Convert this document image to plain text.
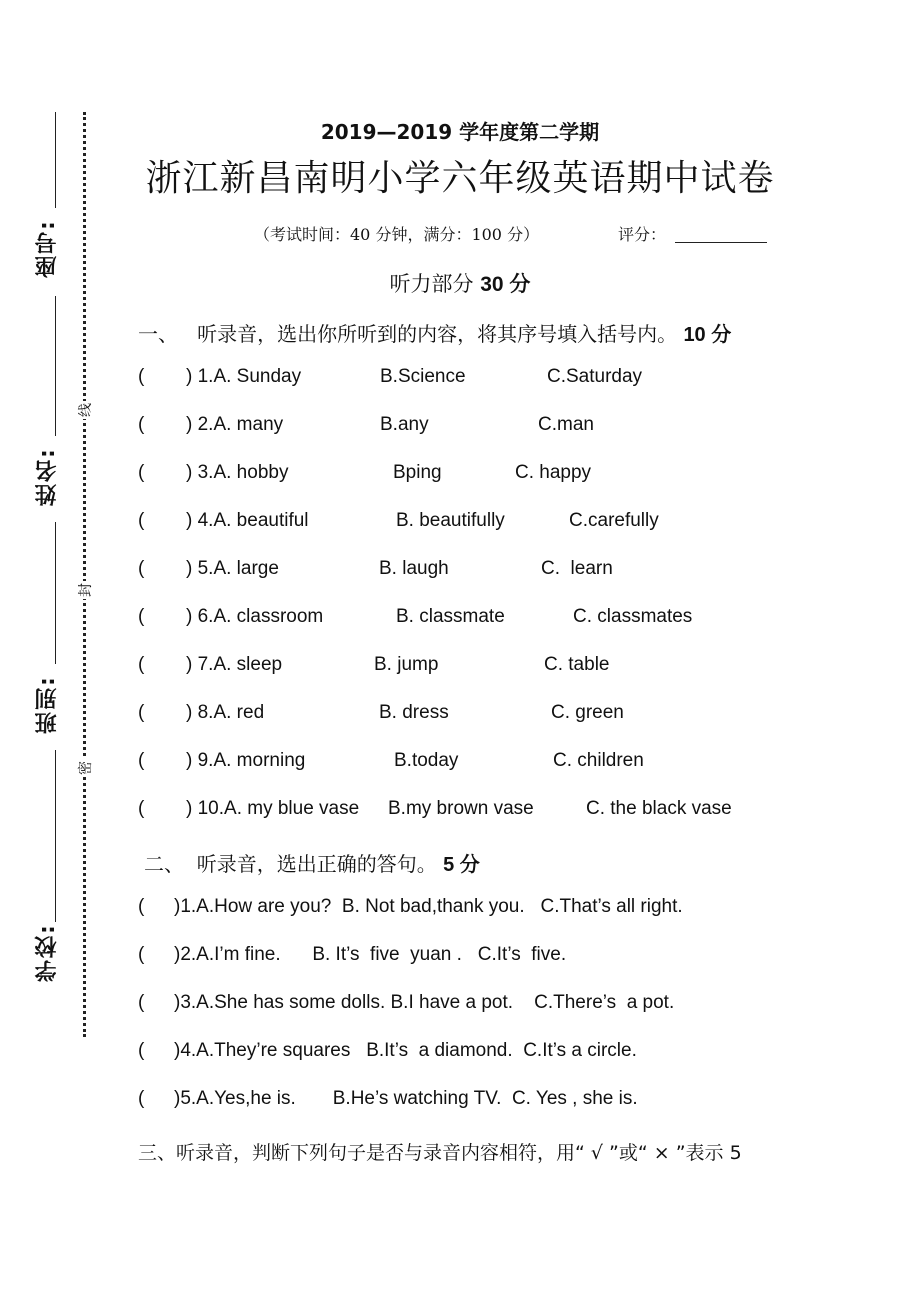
座号:
姓名:
班别:
学校:
线
封
密
2019—2019 学年度第二学期
浙江新昌南明小学六年级英语期中试卷
（考试时间：40 分钟，满分：100 分）	评分：
听力部分 30 分
一、   听录音，选出你所听到的内容，将其序号填入括号内。 10 分
( ) 1.A. Sunday	B.Science	C.Saturday
( ) 2.A. many	B.any	C.man
( ) 3.A. hobby	Bping	C. happy
( ) 4.A. beautiful	B. beautifully	C.carefully
( ) 5.A. large	B. laugh	C.  learn
( ) 6.A. classroom	B. classmate	C. classmates
( ) 7.A. sleep	B. jump	C. table
( ) 8.A. red	B. dress	C. green
( ) 9.A. morning	B.today	C. children
( ) 10.A. my blue vase B.my brown vase	C. the black vase
二、  听录音，选出正确的答句。 5 分
( )1.A.How are you?  B. Not bad,thank you.   C.That’s all right.
( )2.A.I’m fine.      B. It’s  five  yuan .   C.It’s  five.
( )3.A.She has some dolls. B.I have a pot.    C.There’s  a pot.
( )4.A.They’re squares   B.It’s  a diamond.  C.It’s a circle.
( )5.A.Yes,he is.       B.He’s watching TV.  C. Yes , she is.
三、听录音，判断下列句子是否与录音内容相符，用“ √ ”或“ × ”表示 5
